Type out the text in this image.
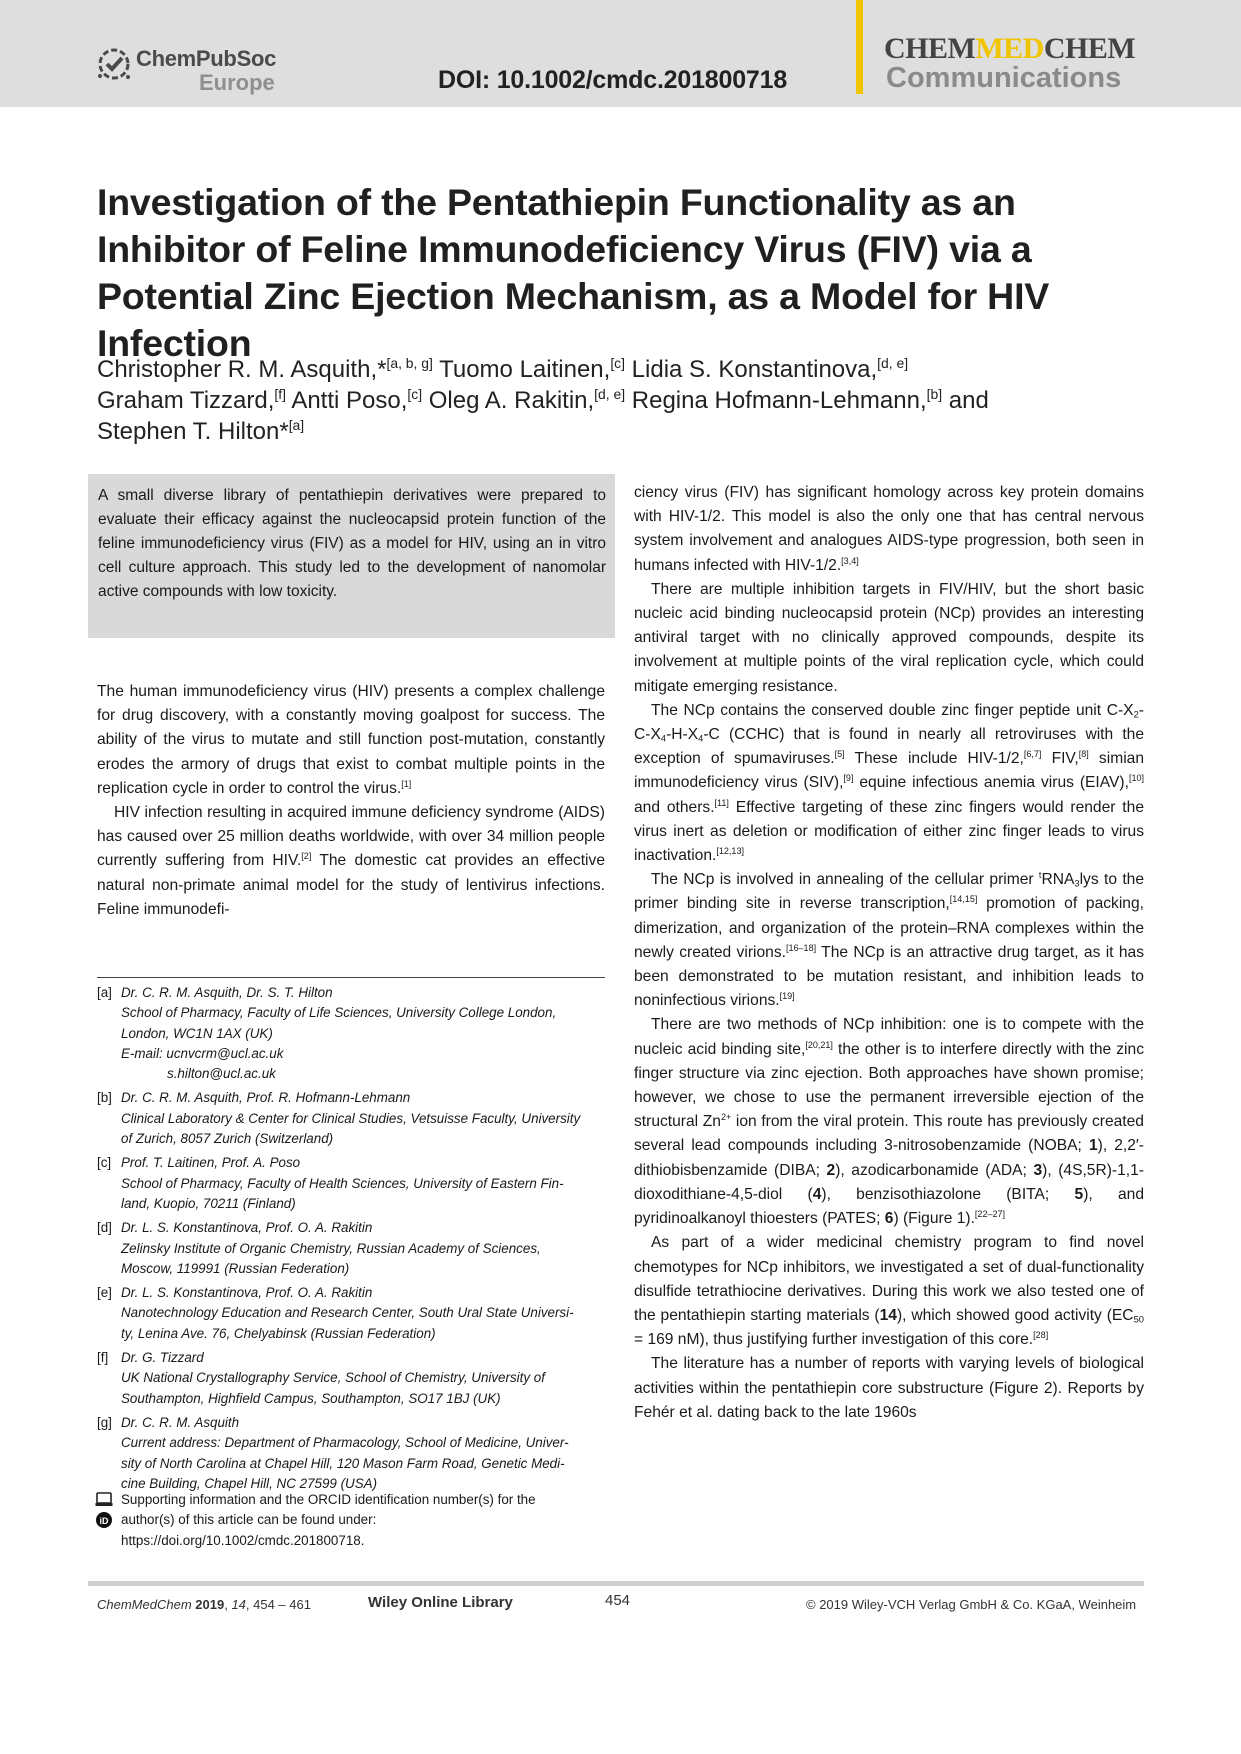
ChemPubSoc
Europe	DOI: 10.1002/cmdc.201800718
CHEMMEDCHEM
Communications
Investigation of the Pentathiepin Functionality as an Inhibitor of Feline Immunodeficiency Virus (FIV) via a Potential Zinc Ejection Mechanism, as a Model for HIV Infection

Christopher R. M. Asquith,*[a, b, g] Tuomo Laitinen,[c] Lidia S. Konstantinova,[d, e]

Graham Tizzard,[f] Antti Poso,[c] Oleg A. Rakitin,[d, e] Regina Hofmann-Lehmann,[b] and

Stephen T. Hilton*[a]

A small diverse library of pentathiepin derivatives were prepared to evaluate their efficacy against the nucleocapsid protein function of the feline immunodeficiency virus (FIV) as a model for HIV, using an in vitro cell culture approach. This study led to the development of nanomolar active compounds with low toxicity.

The human immunodeficiency virus (HIV) presents a complex challenge for drug discovery, with a constantly moving goalpost for success. The ability of the virus to mutate and still function post-mutation, constantly erodes the armory of drugs that exist to combat multiple points in the replication cycle in order to control the virus.[1]

HIV infection resulting in acquired immune deficiency syndrome (AIDS) has caused over 25 million deaths worldwide, with over 34 million people currently suffering from HIV.[2] The domestic cat provides an effective natural non-primate animal model for the study of lentivirus infections. Feline immunodefi-

[a] Dr. C. R. M. Asquith, Dr. S. T. Hilton
School of Pharmacy, Faculty of Life Sciences, University College London,
London, WC1N 1AX (UK)
E-mail: ucnvcrm@ucl.ac.uk
s.hilton@ucl.ac.uk
[b] Dr. C. R. M. Asquith, Prof. R. Hofmann-Lehmann
Clinical Laboratory & Center for Clinical Studies, Vetsuisse Faculty, University
of Zurich, 8057 Zurich (Switzerland)
[c] Prof. T. Laitinen, Prof. A. Poso
School of Pharmacy, Faculty of Health Sciences, University of Eastern Fin-
land, Kuopio, 70211 (Finland)
[d] Dr. L. S. Konstantinova, Prof. O. A. Rakitin
Zelinsky Institute of Organic Chemistry, Russian Academy of Sciences,
Moscow, 119991 (Russian Federation)
[e] Dr. L. S. Konstantinova, Prof. O. A. Rakitin
Nanotechnology Education and Research Center, South Ural State Universi-
ty, Lenina Ave. 76, Chelyabinsk (Russian Federation)
[f] Dr. G. Tizzard
UK National Crystallography Service, School of Chemistry, University of
Southampton, Highfield Campus, Southampton, SO17 1BJ (UK)
[g] Dr. C. R. M. Asquith
Current address: Department of Pharmacology, School of Medicine, Univer-
sity of North Carolina at Chapel Hill, 120 Mason Farm Road, Genetic Medi-
cine Building, Chapel Hill, NC 27599 (USA)
iD
Supporting information and the ORCID identification number(s) for the
author(s) of this article can be found under:
https://doi.org/10.1002/cmdc.201800718.

ciency virus (FIV) has significant homology across key protein domains with HIV-1/2. This model is also the only one that has central nervous system involvement and analogues AIDS-type progression, both seen in humans infected with HIV-1/2.[3,4]

There are multiple inhibition targets in FIV/HIV, but the short basic nucleic acid binding nucleocapsid protein (NCp) provides an interesting antiviral target with no clinically approved compounds, despite its involvement at multiple points of the viral replication cycle, which could mitigate emerging resistance.

The NCp contains the conserved double zinc finger peptide unit $C-X_2-C-X_4-H-X_4-C$ (CCHC) that is found in nearly all retroviruses with the exception of spumaviruses.[5] These include HIV-1/2,[6,7] FIV,[8] simian immunodeficiency virus (SIV),[9] equine infectious anemia virus (EIAV),[10] and others.[11] Effective targeting of these zinc fingers would render the virus inert as deletion or modification of either zinc finger leads to virus inactivation.[12,13]

The NCp is involved in annealing of the cellular primer $^tRNA_3lys$ to the primer binding site in reverse transcription,[14,15] promotion of packing, dimerization, and organization of the protein–RNA complexes within the newly created virions.[16–18] The NCp is an attractive drug target, as it has been demonstrated to be mutation resistant, and inhibition leads to noninfectious virions.[19]

There are two methods of NCp inhibition: one is to compete with the nucleic acid binding site,[20,21] the other is to interfere directly with the zinc finger structure via zinc ejection. Both approaches have shown promise; however, we chose to use the permanent irreversible ejection of the structural $Zn^{2+}$ ion from the viral protein. This route has previously created several lead compounds including 3-nitrosobenzamide (NOBA; 1), 2,2′-dithiobisbenzamide (DIBA; 2), azodicarbonamide (ADA; 3), (4S,5R)-1,1-dioxodithiane-4,5-diol (4), benzisothiazolone (BITA; 5), and pyridinoalkanoyl thioesters (PATES; 6) (Figure 1).[22–27]

As part of a wider medicinal chemistry program to find novel chemotypes for NCp inhibitors, we investigated a set of dual-functionality disulfide tetrathiocine derivatives. During this work we also tested one of the pentathiepin starting materials (14), which showed good activity ($EC_{50} = 169$ nM), thus justifying further investigation of this core.[28]

The literature has a number of reports with varying levels of biological activities within the pentathiepin core substructure (Figure 2). Reports by Fehér et al. dating back to the late 1960s

ChemMedChem 2019, 14, 454 – 461	Wiley Online Library	454	© 2019 Wiley-VCH Verlag GmbH & Co. KGaA, Weinheim
